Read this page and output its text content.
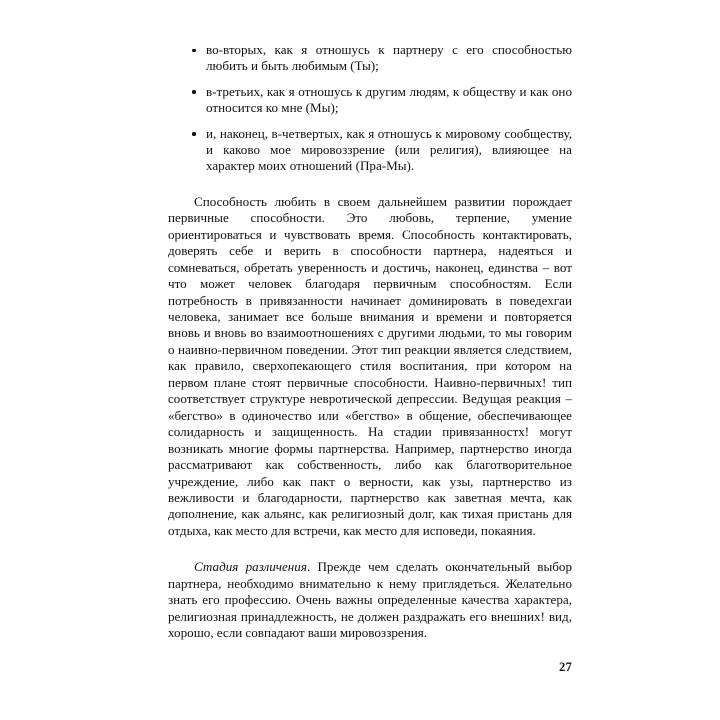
во-вторых, как я отношусь к партнеру с его способностью любить и быть любимым (Ты);
в-третьих, как я отношусь к другим людям, к обществу и как оно относится ко мне (Мы);
и, наконец, в-четвертых, как я отношусь к мировому сообществу, и каково мое мировоззрение (или религия), влияющее на характер моих отношений (Пра-Мы).

Способность любить в своем дальнейшем развитии порождает первичные способности. Это любовь, терпение, умение ориентироваться и чувствовать время. Способность контактировать, доверять себе и верить в способности партнера, надеяться и сомневаться, обретать уверенность и достичь, наконец, единства – вот что может человек благодаря первичным способностям. Если потребность в привязанности начинает доминировать в поведехгаи человека, занимает все больше внимания и времени и повторяется вновь и вновь во взаимоотношениях с другими людьми, то мы говорим о наивно-первичном поведении. Этот тип реакции является следствием, как правило, сверхопекающего стиля воспитания, при котором на первом плане стоят первичные способности. Наивно-первичных! тип соответствует структуре невротической депрессии. Ведущая реакция – «бегство» в одиночество или «бегство» в общение, обеспечивающее солидарность и защищенность. На стадии привязанностх! могут возникать многие формы партнерства. Например, партнерство иногда рассматривают как собственность, либо как благотворительное учреждение, либо как пакт о верности, как узы, партнерство из вежливости и благодарности, партнерство как заветная мечта, как дополнение, как альянс, как религиозный долг, как тихая пристань для отдыха, как место для встречи, как место для исповеди, покаяния.

Стадия различения. Прежде чем сделать окончательный выбор партнера, необходимо внимательно к нему приглядеться. Желательно знать его профессию. Очень важны определенные качества характера, религиозная принадлежность, не должен раздражать его внешних! вид, хорошо, если совпадают ваши мировоззрения.

27
